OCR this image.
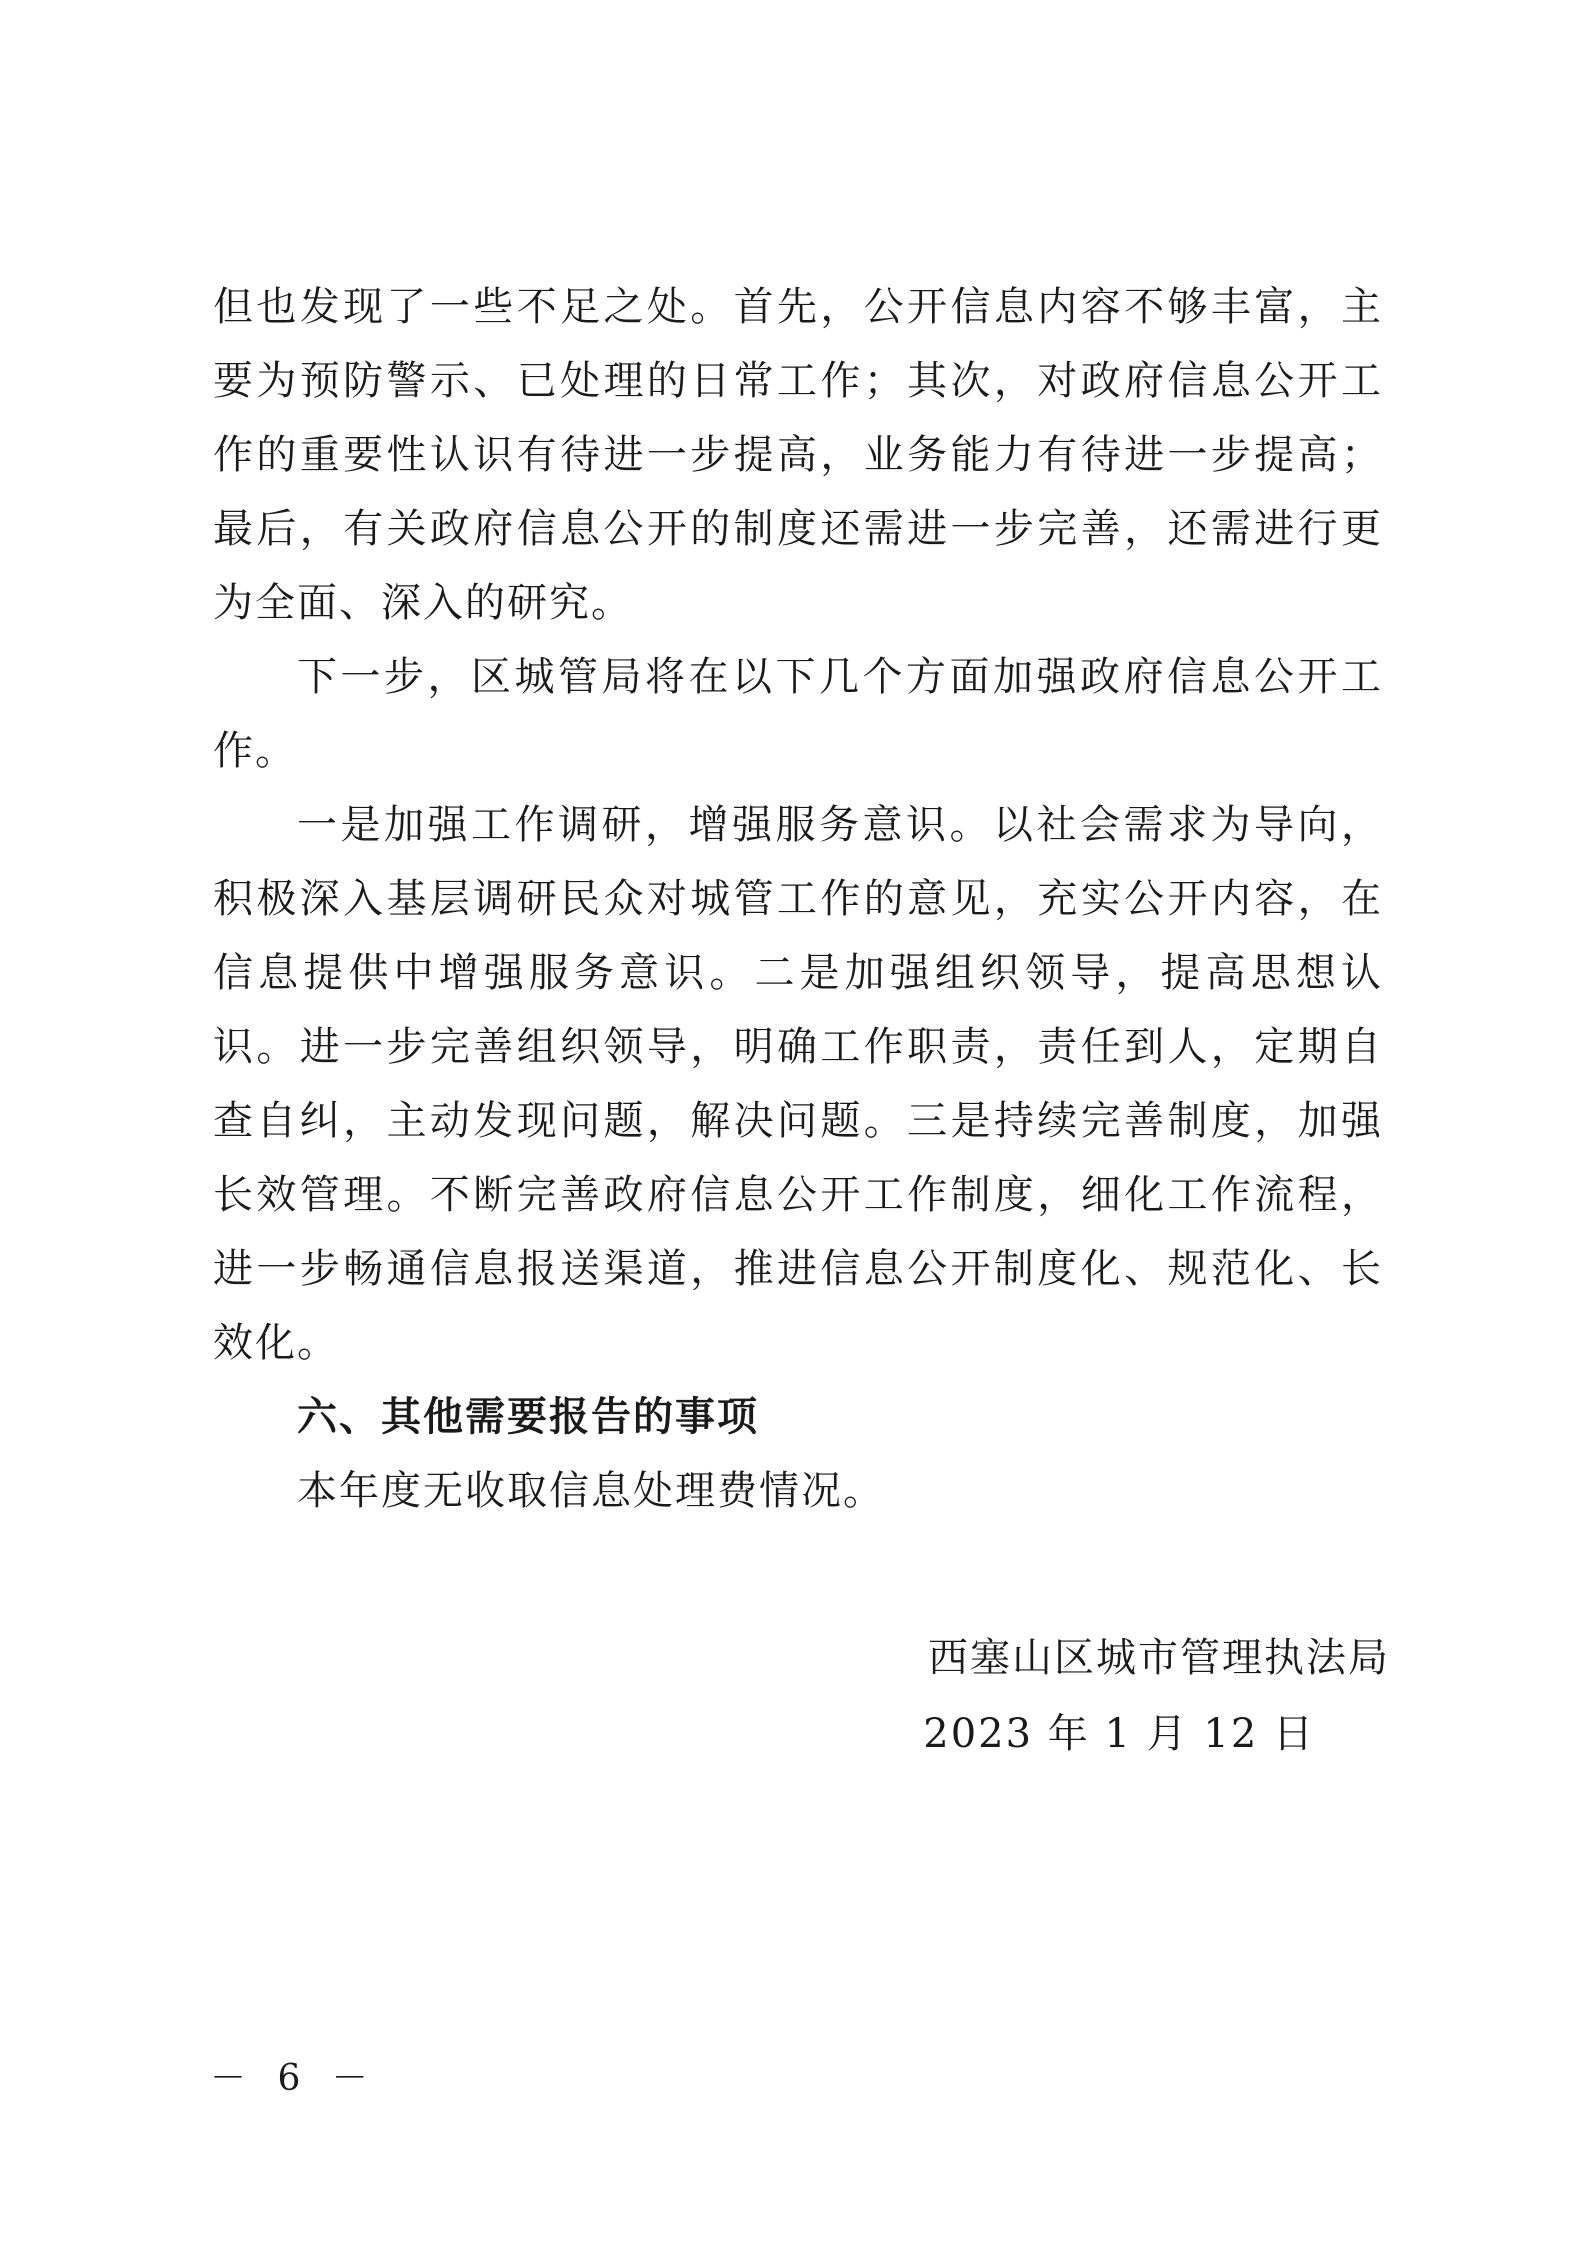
但也发现了一些不足之处。首先，公开信息内容不够丰富，主要为预防警示、已处理的日常工作；其次，对政府信息公开工作的重要性认识有待进一步提高，业务能力有待进一步提高；最后，有关政府信息公开的制度还需进一步完善，还需进行更为全面、深入的研究。

下一步，区城管局将在以下几个方面加强政府信息公开工作。

一是加强工作调研，增强服务意识。以社会需求为导向，积极深入基层调研民众对城管工作的意见，充实公开内容，在信息提供中增强服务意识。二是加强组织领导，提高思想认识。进一步完善组织领导，明确工作职责，责任到人，定期自查自纠，主动发现问题，解决问题。三是持续完善制度，加强长效管理。不断完善政府信息公开工作制度，细化工作流程，进一步畅通信息报送渠道，推进信息公开制度化、规范化、长效化。

六、其他需要报告的事项

本年度无收取信息处理费情况。

西塞山区城市管理执法局
2023 年 1 月 12 日
－ 6 －
